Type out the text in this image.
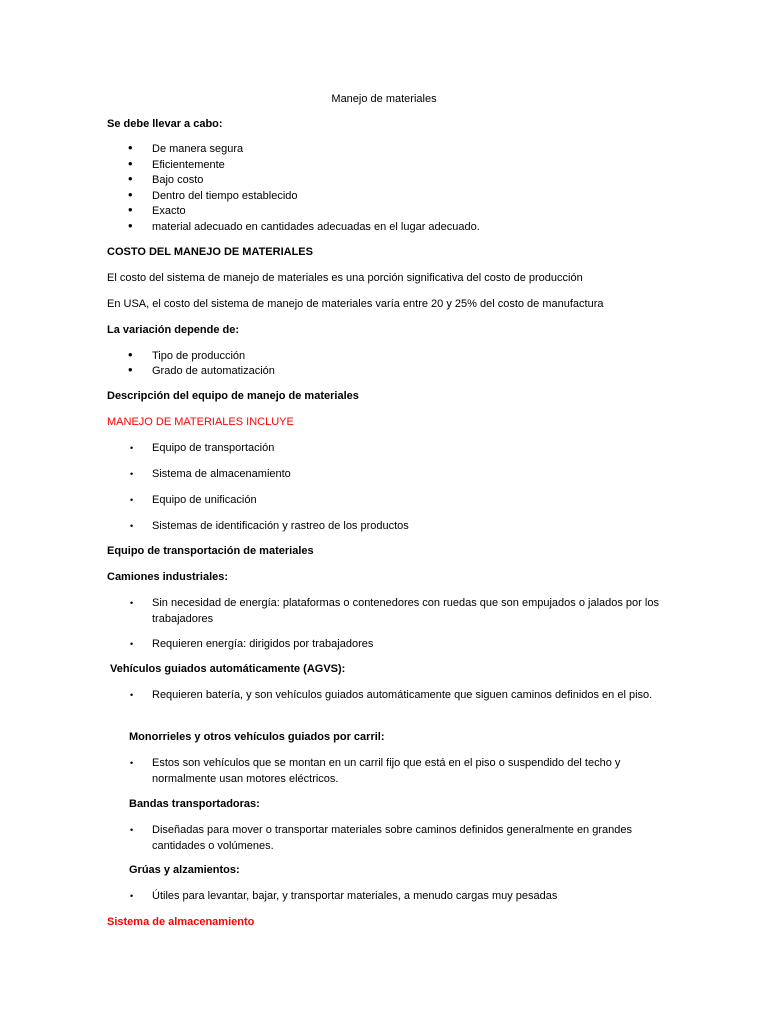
Manejo de materiales
Se debe llevar a cabo:
• De manera segura
• Eficientemente
• Bajo costo
• Dentro del tiempo establecido
• Exacto
• material adecuado en cantidades adecuadas en el lugar adecuado.
COSTO DEL MANEJO DE MATERIALES
El costo del sistema de manejo de materiales es una porción significativa del costo de producción
En USA, el costo del sistema de manejo de materiales varía entre 20 y 25% del costo de manufactura
La variación depende de:
• Tipo de producción
• Grado de automatización
Descripción del equipo de manejo de materiales
MANEJO DE MATERIALES INCLUYE
• Equipo de transportación
• Sistema de almacenamiento
• Equipo de unificación
• Sistemas de identificación y rastreo de los productos
Equipo de transportación de materiales
Camiones industriales:
• Sin necesidad de energía: plataformas o contenedores con ruedas que son empujados o jalados por los trabajadores
• Requieren energía: dirigidos por trabajadores
Vehículos guiados automáticamente (AGVS):
• Requieren batería, y son vehículos guiados automáticamente que siguen caminos definidos en el piso.
Monorrieles y otros vehículos guiados por carril:
• Estos son vehículos que se montan en un carril fijo que está en el piso o suspendido del techo y normalmente usan motores eléctricos.
Bandas transportadoras:
• Diseñadas para mover o transportar materiales sobre caminos definidos generalmente en grandes cantidades o volúmenes.
Grúas y alzamientos:
• Útiles para levantar, bajar, y transportar materiales, a menudo cargas muy pesadas
Sistema de almacenamiento
